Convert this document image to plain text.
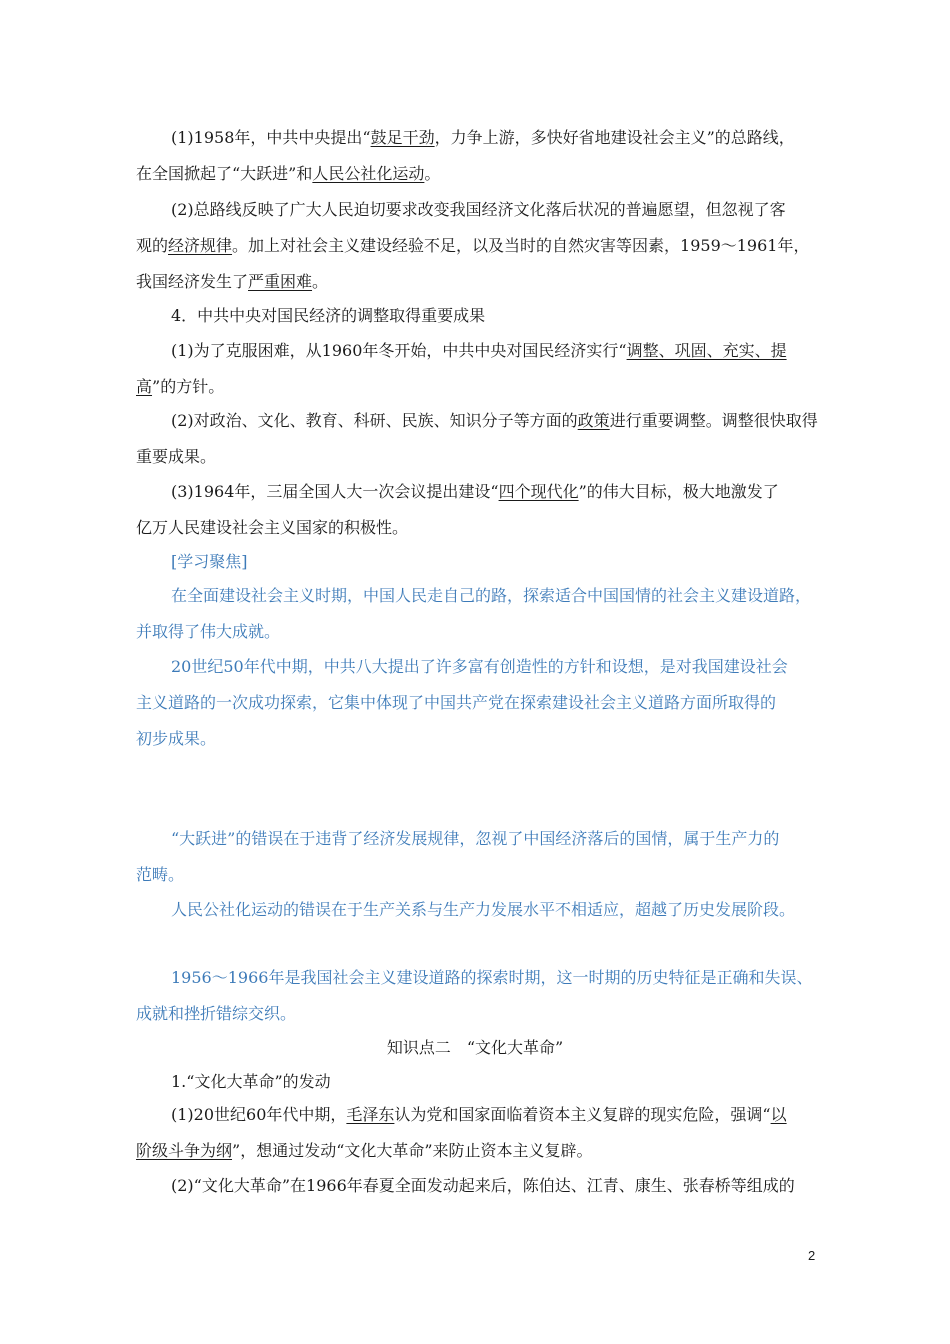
(1)1958年，中共中央提出“鼓足干劲，力争上游，多快好省地建设社会主义”的总路线，

在全国掀起了“大跃进”和人民公社化运动。

(2)总路线反映了广大人民迫切要求改变我国经济文化落后状况的普遍愿望，但忽视了客

观的经济规律。加上对社会主义建设经验不足，以及当时的自然灾害等因素，1959～1961年，

我国经济发生了严重困难。

4．中共中央对国民经济的调整取得重要成果

(1)为了克服困难，从1960年冬开始，中共中央对国民经济实行“调整、巩固、充实、提

高”的方针。

(2)对政治、文化、教育、科研、民族、知识分子等方面的政策进行重要调整。调整很快取得

重要成果。

(3)1964年，三届全国人大一次会议提出建设“四个现代化”的伟大目标，极大地激发了

亿万人民建设社会主义国家的积极性。

[学习聚焦]

在全面建设社会主义时期，中国人民走自己的路，探索适合中国国情的社会主义建设道路，

并取得了伟大成就。

20世纪50年代中期，中共八大提出了许多富有创造性的方针和设想，是对我国建设社会

主义道路的一次成功探索，它集中体现了中国共产党在探索建设社会主义道路方面所取得的

初步成果。

“大跃进”的错误在于违背了经济发展规律，忽视了中国经济落后的国情，属于生产力的

范畴。

人民公社化运动的错误在于生产关系与生产力发展水平不相适应，超越了历史发展阶段。

1956～1966年是我国社会主义建设道路的探索时期，这一时期的历史特征是正确和失误、

成就和挫折错综交织。

知识点二　“文化大革命”

1.“文化大革命”的发动

(1)20世纪60年代中期，毛泽东认为党和国家面临着资本主义复辟的现实危险，强调“以

阶级斗争为纲”，想通过发动“文化大革命”来防止资本主义复辟。

(2)“文化大革命”在1966年春夏全面发动起来后，陈伯达、江青、康生、张春桥等组成的

2
